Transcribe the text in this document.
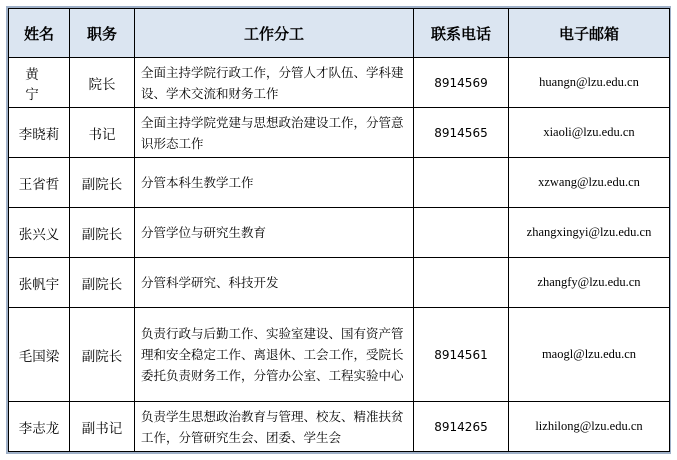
姓名	职务	工作分工	联系电话	电子邮箱
黄 宁	院长	全面主持学院行政工作，分管人才队伍、学科建设、学术交流和财务工作	8914569	huangn@lzu.edu.cn
李晓莉	书记	全面主持学院党建与思想政治建设工作，分管意识形态工作	8914565	xiaoli@lzu.edu.cn
王省哲	副院长	分管本科生教学工作		xzwang@lzu.edu.cn
张兴义	副院长	分管学位与研究生教育		zhangxingyi@lzu.edu.cn
张帆宇	副院长	分管科学研究、科技开发		zhangfy@lzu.edu.cn
毛国梁	副院长	负责行政与后勤工作、实验室建设、国有资产管理和安全稳定工作、离退休、工会工作，受院长委托负责财务工作，分管办公室、工程实验中心	8914561	maogl@lzu.edu.cn
李志龙	副书记	负责学生思想政治教育与管理、校友、精准扶贫工作，分管研究生会、团委、学生会	8914265	lizhilong@lzu.edu.cn
